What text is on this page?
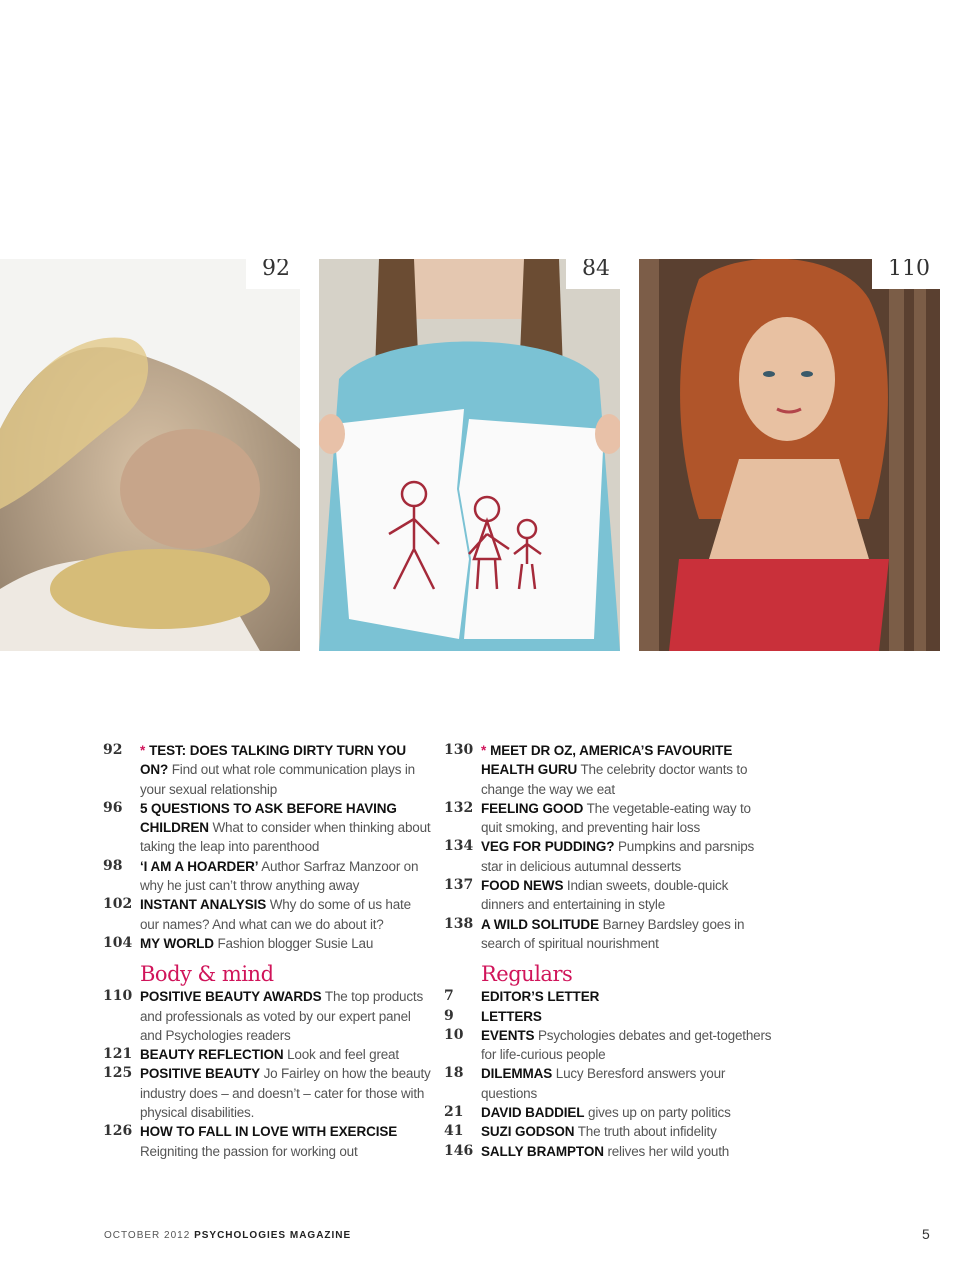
92	84	110
92	* TEST: DOES TALKING DIRTY TURN YOU ON? Find out what role communication plays in your sexual relationship
96	5 QUESTIONS TO ASK BEFORE HAVING CHILDREN What to consider when thinking about taking the leap into parenthood
98	‘I AM A HOARDER’ Author Sarfraz Manzoor on why he just can’t throw anything away
102 INSTANT ANALYSIS Why do some of us hate our names? And what can we do about it?
104 MY WORLD Fashion blogger Susie Lau
Body & mind
110 POSITIVE BEAUTY AWARDS The top products and professionals as voted by our expert panel and Psychologies readers
121 BEAUTY REFLECTION Look and feel great
125 POSITIVE BEAUTY Jo Fairley on how the beauty industry does – and doesn’t – cater for those with physical disabilities.
126 HOW TO FALL IN LOVE WITH EXERCISE Reigniting the passion for working out
130 * MEET DR OZ, AMERICA’S FAVOURITE HEALTH GURU The celebrity doctor wants to change the way we eat
132 FEELING GOOD The vegetable-eating way to quit smoking, and preventing hair loss
134 VEG FOR PUDDING? Pumpkins and parsnips star in delicious autumnal desserts
137 FOOD NEWS Indian sweets, double-quick dinners and entertaining in style
138 A WILD SOLITUDE Barney Bardsley goes in search of spiritual nourishment
Regulars
7	EDITOR’S LETTER
9	LETTERS
10	EVENTS Psychologies debates and get-togethers for life-curious people
18	DILEMMAS Lucy Beresford answers your questions
21	DAVID BADDIEL gives up on party politics
41	SUZI GODSON The truth about infidelity
146 SALLY BRAMPTON relives her wild youth
OCTOBER 2012 PSYCHOLOGIES MAGAZINE	5
